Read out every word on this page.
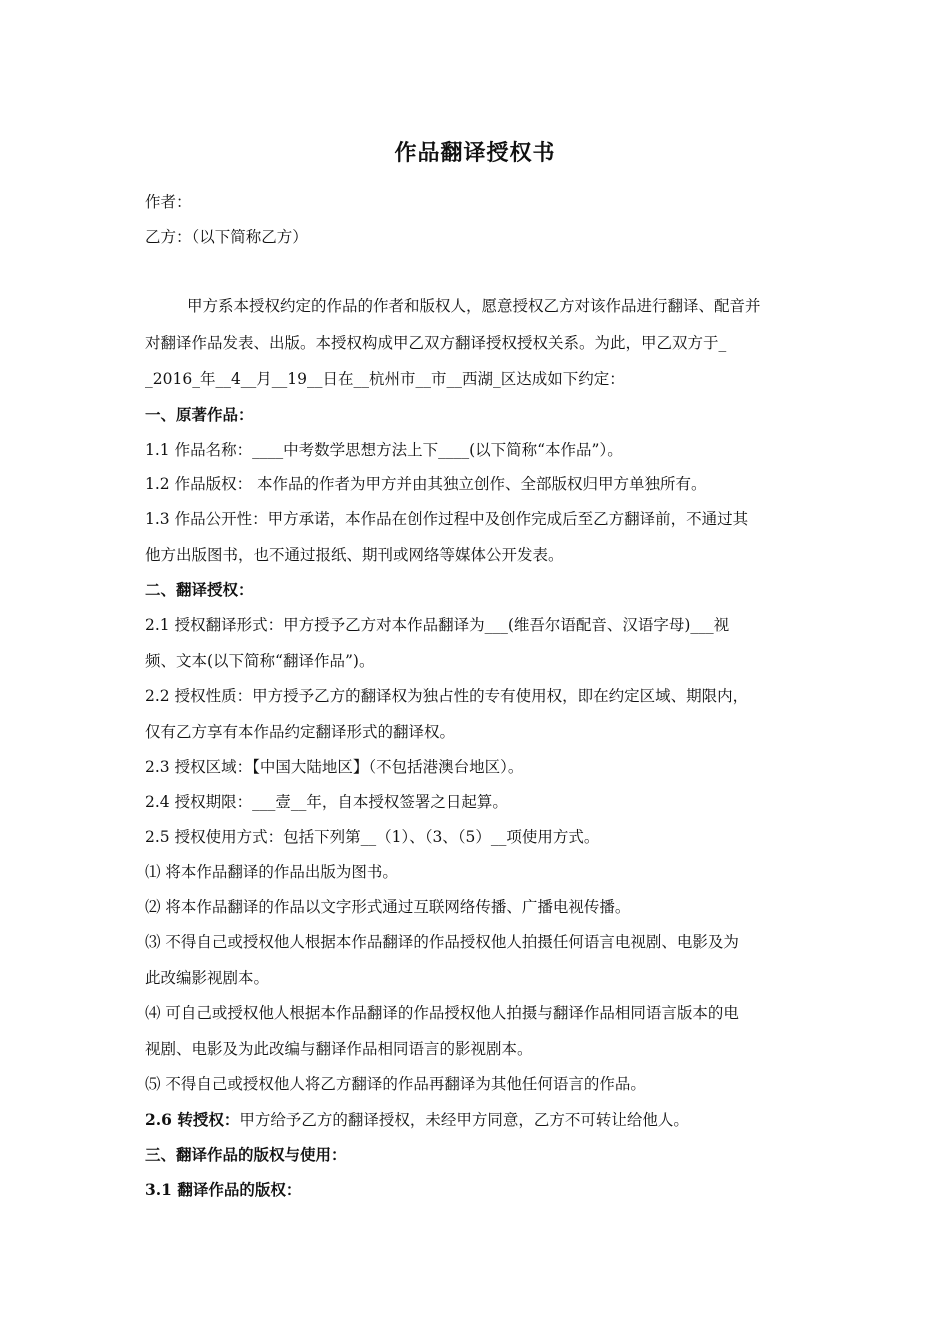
作品翻译授权书
作者：
乙方：（以下简称乙方）
甲方系本授权约定的作品的作者和版权人，愿意授权乙方对该作品进行翻译、配音并
对翻译作品发表、出版。本授权构成甲乙双方翻译授权授权关系。为此，甲乙双方于_
_2016_年__4__月__19__日在__杭州市__市__西湖_区达成如下约定：
一、原著作品：
1.1 作品名称：____中考数学思想方法上下____(以下简称“本作品”）。
1.2 作品版权： 本作品的作者为甲方并由其独立创作、全部版权归甲方单独所有。
1.3 作品公开性：甲方承诺，本作品在创作过程中及创作完成后至乙方翻译前，不通过其
他方出版图书，也不通过报纸、期刊或网络等媒体公开发表。
二、翻译授权：
2.1 授权翻译形式：甲方授予乙方对本作品翻译为___(维吾尔语配音、汉语字母)___视
频、文本(以下简称“翻译作品”)。
2.2 授权性质：甲方授予乙方的翻译权为独占性的专有使用权，即在约定区域、期限内，
仅有乙方享有本作品约定翻译形式的翻译权。
2.3 授权区域：【中国大陆地区】（不包括港澳台地区）。
2.4 授权期限：___壹__年，自本授权签署之日起算。
2.5 授权使用方式：包括下列第__（1）、（3、（5）__项使用方式。
⑴ 将本作品翻译的作品出版为图书。
⑵ 将本作品翻译的作品以文字形式通过互联网络传播、广播电视传播。
⑶ 不得自己或授权他人根据本作品翻译的作品授权他人拍摄任何语言电视剧、电影及为
此改编影视剧本。
⑷ 可自己或授权他人根据本作品翻译的作品授权他人拍摄与翻译作品相同语言版本的电
视剧、电影及为此改编与翻译作品相同语言的影视剧本。
⑸ 不得自己或授权他人将乙方翻译的作品再翻译为其他任何语言的作品。
2.6 转授权：甲方给予乙方的翻译授权，未经甲方同意，乙方不可转让给他人。
三、翻译作品的版权与使用：
3.1 翻译作品的版权：
